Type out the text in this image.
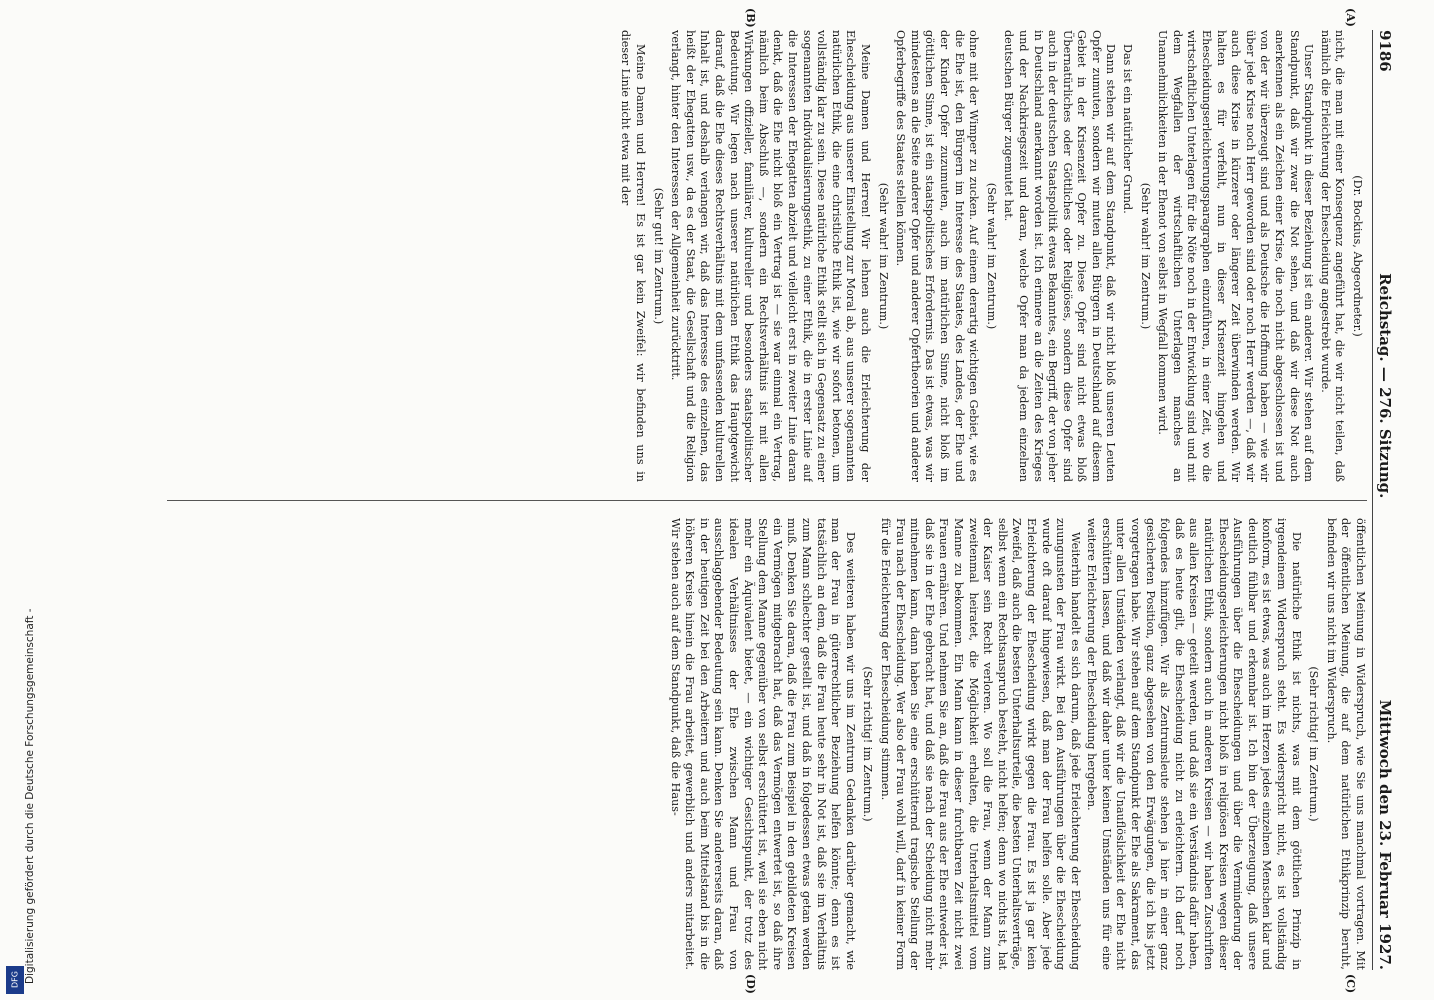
Digitalisierung gefördert durch die Deutsche Forschungsgemeinschaft -
DFG
9186
Reichstag. — 276. Sitzung.
Mittwoch den 23. Februar 1927.

(Dr. Bockius, Abgeordneter.)

nicht, die man mit einer Konsequenz angeführt hat, die wir nicht teilen, daß nämlich die Erleichterung der Ehescheidung angestrebt wurde.

Unser Standpunkt in dieser Beziehung ist ein anderer. Wir stehen auf dem Standpunkt, daß wir zwar die Not sehen, und daß wir diese Not auch anerkennen als ein Zeichen einer Krise, die noch nicht abgeschlossen ist und von der wir überzeugt sind und als Deutsche die Hoffnung haben — wie wir über jede Krise noch Herr geworden sind oder noch Herr werden —, daß wir auch diese Krise in kürzerer oder längerer Zeit überwinden werden. Wir halten es für verfehlt, nun in dieser Krisenzeit hingehen und Ehescheidungserleichterungsparagraphen einzuführen, in einer Zeit, wo die wirtschaftlichen Unterlagen für die Nöte noch in der Entwicklung sind und mit dem Wegfallen der wirtschaftlichen Unterlagen manches an Unannehmlichkeiten in der Ehenot von selbst in Wegfall kommen wird.

(Sehr wahr! im Zentrum.)

Das ist ein natürlicher Grund.

Dann stehen wir auf dem Standpunkt, daß wir nicht bloß unseren Leuten Opfer zumuten, sondern wir muten allen Bürgern in Deutschland auf diesem Gebiet in der Krisenzeit Opfer zu. Diese Opfer sind nicht etwas bloß Übernatürliches oder Göttliches oder Religiöses, sondern diese Opfer sind auch in der deutschen Staatspolitik etwas Bekanntes, ein Begriff, der von jeher in Deutschland anerkannt worden ist. Ich erinnere an die Zeiten des Krieges und der Nachkriegszeit und daran, welche Opfer man da jedem einzelnen deutschen Bürger zugemutet hat.

(Sehr wahr! im Zentrum.)

ohne mit der Wimper zu zucken. Auf einem derartig wichtigen Gebiet, wie es die Ehe ist, den Bürgern im Interesse des Staates, des Landes, der Ehe und der Kinder Opfer zuzumuten, auch im natürlichen Sinne, nicht bloß im göttlichen Sinne, ist ein staatspolitisches Erfordernis. Das ist etwas, was wir mindestens an die Seite anderer Opfer und anderer Opfertheorien und anderer Opferbegriffe des Staates stellen können.

(Sehr wahr! im Zentrum.)

Meine Damen und Herren! Wir lehnen auch die Erleichterung der Ehescheidung aus unserer Einstellung zur Moral ab, aus unserer sogenannten natürlichen Ethik, die eine christliche Ethik ist, wie wir sofort betonen, um vollständig klar zu sein. Diese natürliche Ethik stellt sich in Gegensatz zu einer sogenannten Individualisierungsethik, zu einer Ethik, die in erster Linie auf die Interessen der Ehegatten abzielt und vielleicht erst in zweiter Linie daran denkt, daß die Ehe nicht bloß ein Vertrag ist — sie war einmal ein Vertrag, nämlich beim Abschluß —, sondern ein Rechtsverhältnis ist mit allen Wirkungen offizieller, familiärer, kultureller und besonders staatspolitischer Bedeutung. Wir legen nach unserer natürlichen Ethik das Hauptgewicht darauf, daß die Ehe dieses Rechtsverhältnis mit dem umfassenden kulturellen Inhalt ist, und deshalb verlangen wir, daß das Interesse des einzelnen, das heißt der Ehegatten usw., da es der Staat, die Gesellschaft und die Religion verlangt, hinter den Interessen der Allgemeinheit zurücktritt.

(Sehr gut! im Zentrum.)

Meine Damen und Herren! Es ist gar kein Zweifel: wir befinden uns in dieser Linie nicht etwa mit der

öffentlichen Meinung in Widerspruch, wie Sie uns manchmal vortragen. Mit der öffentlichen Meinung, die auf dem natürlichen Ethikprinzip beruht, befinden wir uns nicht im Widerspruch.

(Sehr richtig! im Zentrum.)

Die natürliche Ethik ist nichts, was mit dem göttlichen Prinzip in irgendeinem Widerspruch steht. Es widerspricht nicht, es ist vollständig konform, es ist etwas, was auch im Herzen jedes einzelnen Menschen klar und deutlich fühlbar und erkennbar ist. Ich bin der Überzeugung, daß unsere Ausführungen über die Ehescheidungen und über die Verminderung der Ehescheidungserleichterungen nicht bloß in religiösen Kreisen wegen dieser natürlichen Ethik, sondern auch in anderen Kreisen — wir haben Zuschriften aus allen Kreisen — geteilt werden, und daß sie ein Verständnis dafür haben, daß es heute gilt, die Ehescheidung nicht zu erleichtern. Ich darf noch folgendes hinzufügen. Wir als Zentrumsleute stehen ja hier in einer ganz gesicherten Position, ganz abgesehen von den Erwägungen, die ich bis jetzt vorgetragen habe. Wir stehen auf dem Standpunkt der Ehe als Sakrament, das unter allen Umständen verlangt, daß wir die Unauflöslichkeit der Ehe nicht erschüttern lassen, und daß wir daher unter keinen Umständen uns für eine weitere Erleichterung der Ehescheidung hergeben.

Weiterhin handelt es sich darum, daß jede Erleichterung der Ehescheidung zuungunsten der Frau wirkt. Bei den Ausführungen über die Ehescheidung wurde oft darauf hingewiesen, daß man der Frau helfen solle. Aber jede Erleichterung der Ehescheidung wirkt gegen die Frau. Es ist ja gar kein Zweifel, daß auch die besten Unterhaltsurteile, die besten Unterhaltsverträge, selbst wenn ein Rechtsanspruch besteht, nicht helfen; denn wo nichts ist, hat der Kaiser sein Recht verloren. Wo soll die Frau, wenn der Mann zum zweitenmal heiratet, die Möglichkeit erhalten, die Unterhaltsmittel vom Manne zu bekommen. Ein Mann kann in dieser furchtbaren Zeit nicht zwei Frauen ernähren. Und nehmen Sie an, daß die Frau aus der Ehe entweder ist, daß sie in der Ehe gebracht hat, und daß sie nach der Scheidung nicht mehr mitnehmen kann, dann haben Sie eine erschütternd tragische Stellung der Frau nach der Ehescheidung. Wer also der Frau wohl will, darf in keiner Form für die Erleichterung der Ehescheidung stimmen.

(Sehr richtig! im Zentrum.)

Des weiteren haben wir uns im Zentrum Gedanken darüber gemacht, wie man der Frau in güterrechtlicher Beziehung helfen könnte; denn es ist tatsächlich an dem, daß die Frau heute sehr in Not ist, daß sie im Verhältnis zum Mann schlechter gestellt ist, und daß in folgedessen etwas getan werden muß. Denken Sie daran, daß die Frau zum Beispiel in den gebildeten Kreisen ein Vermögen mitgebracht hat, daß das Vermögen entwertet ist, so daß ihre Stellung dem Manne gegenüber von selbst erschüttert ist, weil sie eben nicht mehr ein Äquivalent bietet, — ein wichtiger Gesichtspunkt, der trotz des idealen Verhältnisses der Ehe zwischen Mann und Frau von ausschlaggebender Bedeutung sein kann. Denken Sie andererseits daran, daß in der heutigen Zeit bei den Arbeitern und auch beim Mittelstand bis in die höheren Kreise hinein die Frau arbeitet, gewerblich und anders mitarbeitet. Wir stehen auch auf dem Standpunkt, daß die Haus-

(A)
(B)
(C)
(D)
